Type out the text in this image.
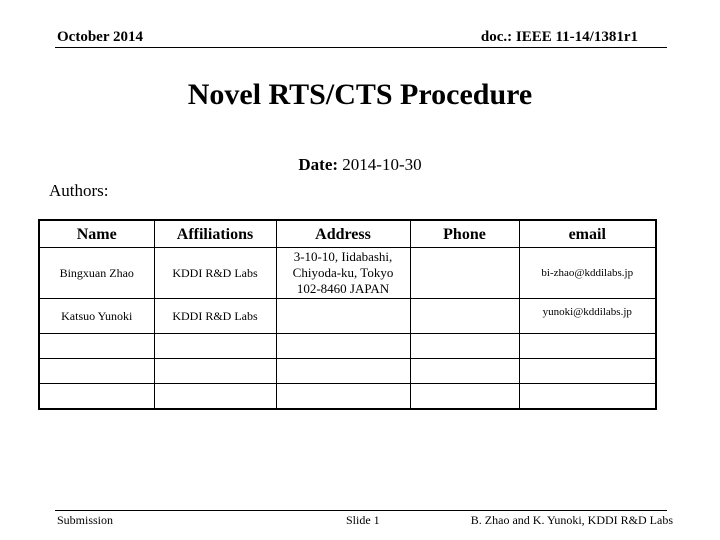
October 2014	doc.: IEEE 11-14/1381r1
Novel RTS/CTS Procedure
Date: 2014-10-30
Authors:
Name	Affiliations	Address	Phone	email
Bingxuan Zhao	KDDI R&D Labs	3-10-10, Iidabashi,
Chiyoda-ku, Tokyo
102-8460 JAPAN		bi-zhao@kddilabs.jp
Katsuo Yunoki	KDDI R&D Labs			yunoki@kddilabs.jp

Submission	Slide 1	B. Zhao and K. Yunoki, KDDI R&D Labs
